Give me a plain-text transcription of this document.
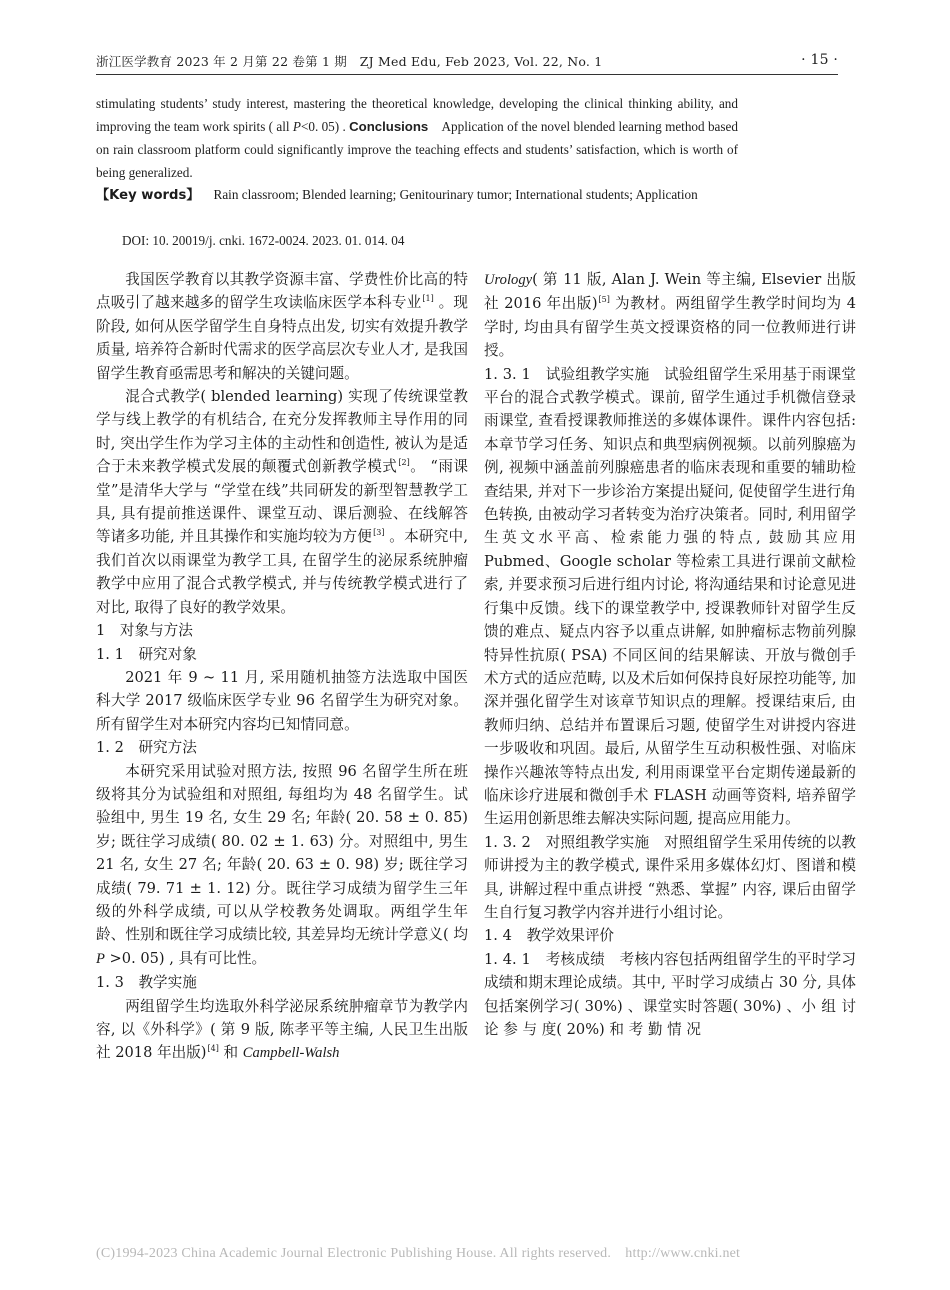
浙江医学教育 2023 年 2 月第 22 卷第 1 期　ZJ Med Edu, Feb 2023, Vol. 22, No. 1	· 15 ·
stimulating students’ study interest, mastering the theoretical knowledge, developing the clinical thinking ability, and improving the team work spirits ( all P<0. 05) . Conclusions　Application of the novel blended learning method based on rain classroom platform could significantly improve the teaching effects and students’ satisfaction, which is worth of being generalized.
【Key words】 Rain classroom; Blended learning; Genitourinary tumor; International students; Application
DOI: 10. 20019/j. cnki. 1672-0024. 2023. 01. 014. 04

我国医学教育以其教学资源丰富、学费性价比高的特点吸引了越来越多的留学生攻读临床医学本科专业[1] 。现阶段, 如何从医学留学生自身特点出发, 切实有效提升教学质量, 培养符合新时代需求的医学高层次专业人才, 是我国留学生教育亟需思考和解决的关键问题。

混合式教学( blended learning) 实现了传统课堂教学与线上教学的有机结合, 在充分发挥教师主导作用的同时, 突出学生作为学习主体的主动性和创造性, 被认为是适合于未来教学模式发展的颠覆式创新教学模式[2]。 “雨课堂”是清华大学与 “学堂在线”共同研发的新型智慧教学工具, 具有提前推送课件、课堂互动、课后测验、在线解答等诸多功能, 并且其操作和实施均较为方便[3] 。本研究中, 我们首次以雨课堂为教学工具, 在留学生的泌尿系统肿瘤教学中应用了混合式教学模式, 并与传统教学模式进行了对比, 取得了良好的教学效果。

1　对象与方法

1. 1　研究对象

2021 年 9 ~ 11 月, 采用随机抽签方法选取中国医科大学 2017 级临床医学专业 96 名留学生为研究对象。所有留学生对本研究内容均已知情同意。

1. 2　研究方法

本研究采用试验对照方法, 按照 96 名留学生所在班级将其分为试验组和对照组, 每组均为 48 名留学生。试验组中, 男生 19 名, 女生 29 名; 年龄( 20. 58 ± 0. 85) 岁; 既往学习成绩( 80. 02 ± 1. 63) 分。对照组中, 男生 21 名, 女生 27 名; 年龄( 20. 63 ± 0. 98) 岁; 既往学习成绩( 79. 71 ± 1. 12) 分。既往学习成绩为留学生三年级的外科学成绩, 可以从学校教务处调取。两组学生年龄、性别和既往学习成绩比较, 其差异均无统计学意义( 均 P >0. 05) , 具有可比性。

1. 3　教学实施

两组留学生均选取外科学泌尿系统肿瘤章节为教学内容, 以《外科学》( 第 9 版, 陈孝平等主编, 人民卫生出版社 2018 年出版)[4] 和 Campbell-Walsh

Urology( 第 11 版, Alan J. Wein 等主编, Elsevier 出版社 2016 年出版)[5] 为教材。两组留学生教学时间均为 4 学时, 均由具有留学生英文授课资格的同一位教师进行讲授。

1. 3. 1　试验组教学实施　试验组留学生采用基于雨课堂平台的混合式教学模式。课前, 留学生通过手机微信登录雨课堂, 查看授课教师推送的多媒体课件。课件内容包括: 本章节学习任务、知识点和典型病例视频。以前列腺癌为例, 视频中涵盖前列腺癌患者的临床表现和重要的辅助检查结果, 并对下一步诊治方案提出疑问, 促使留学生进行角色转换, 由被动学习者转变为治疗决策者。同时, 利用留学生英文水平高、检索能力强的特点, 鼓励其应用 Pubmed、Google scholar 等检索工具进行课前文献检索, 并要求预习后进行组内讨论, 将沟通结果和讨论意见进行集中反馈。线下的课堂教学中, 授课教师针对留学生反馈的难点、疑点内容予以重点讲解, 如肿瘤标志物前列腺特异性抗原( PSA) 不同区间的结果解读、开放与微创手术方式的适应范畴, 以及术后如何保持良好尿控功能等, 加深并强化留学生对该章节知识点的理解。授课结束后, 由教师归纳、总结并布置课后习题, 使留学生对讲授内容进一步吸收和巩固。最后, 从留学生互动积极性强、对临床操作兴趣浓等特点出发, 利用雨课堂平台定期传递最新的临床诊疗进展和微创手术 FLASH 动画等资料, 培养留学生运用创新思维去解决实际问题, 提高应用能力。

1. 3. 2　对照组教学实施　对照组留学生采用传统的以教师讲授为主的教学模式, 课件采用多媒体幻灯、图谱和模具, 讲解过程中重点讲授 “熟悉、掌握” 内容, 课后由留学生自行复习教学内容并进行小组讨论。

1. 4　教学效果评价

1. 4. 1　考核成绩　考核内容包括两组留学生的平时学习成绩和期末理论成绩。其中, 平时学习成绩占 30 分, 具体包括案例学习( 30%) 、课堂实时答题( 30%) 、小 组 讨 论 参 与 度( 20%) 和 考 勤 情 况

(C)1994-2023 China Academic Journal Electronic Publishing House. All rights reserved.　http://www.cnki.net
